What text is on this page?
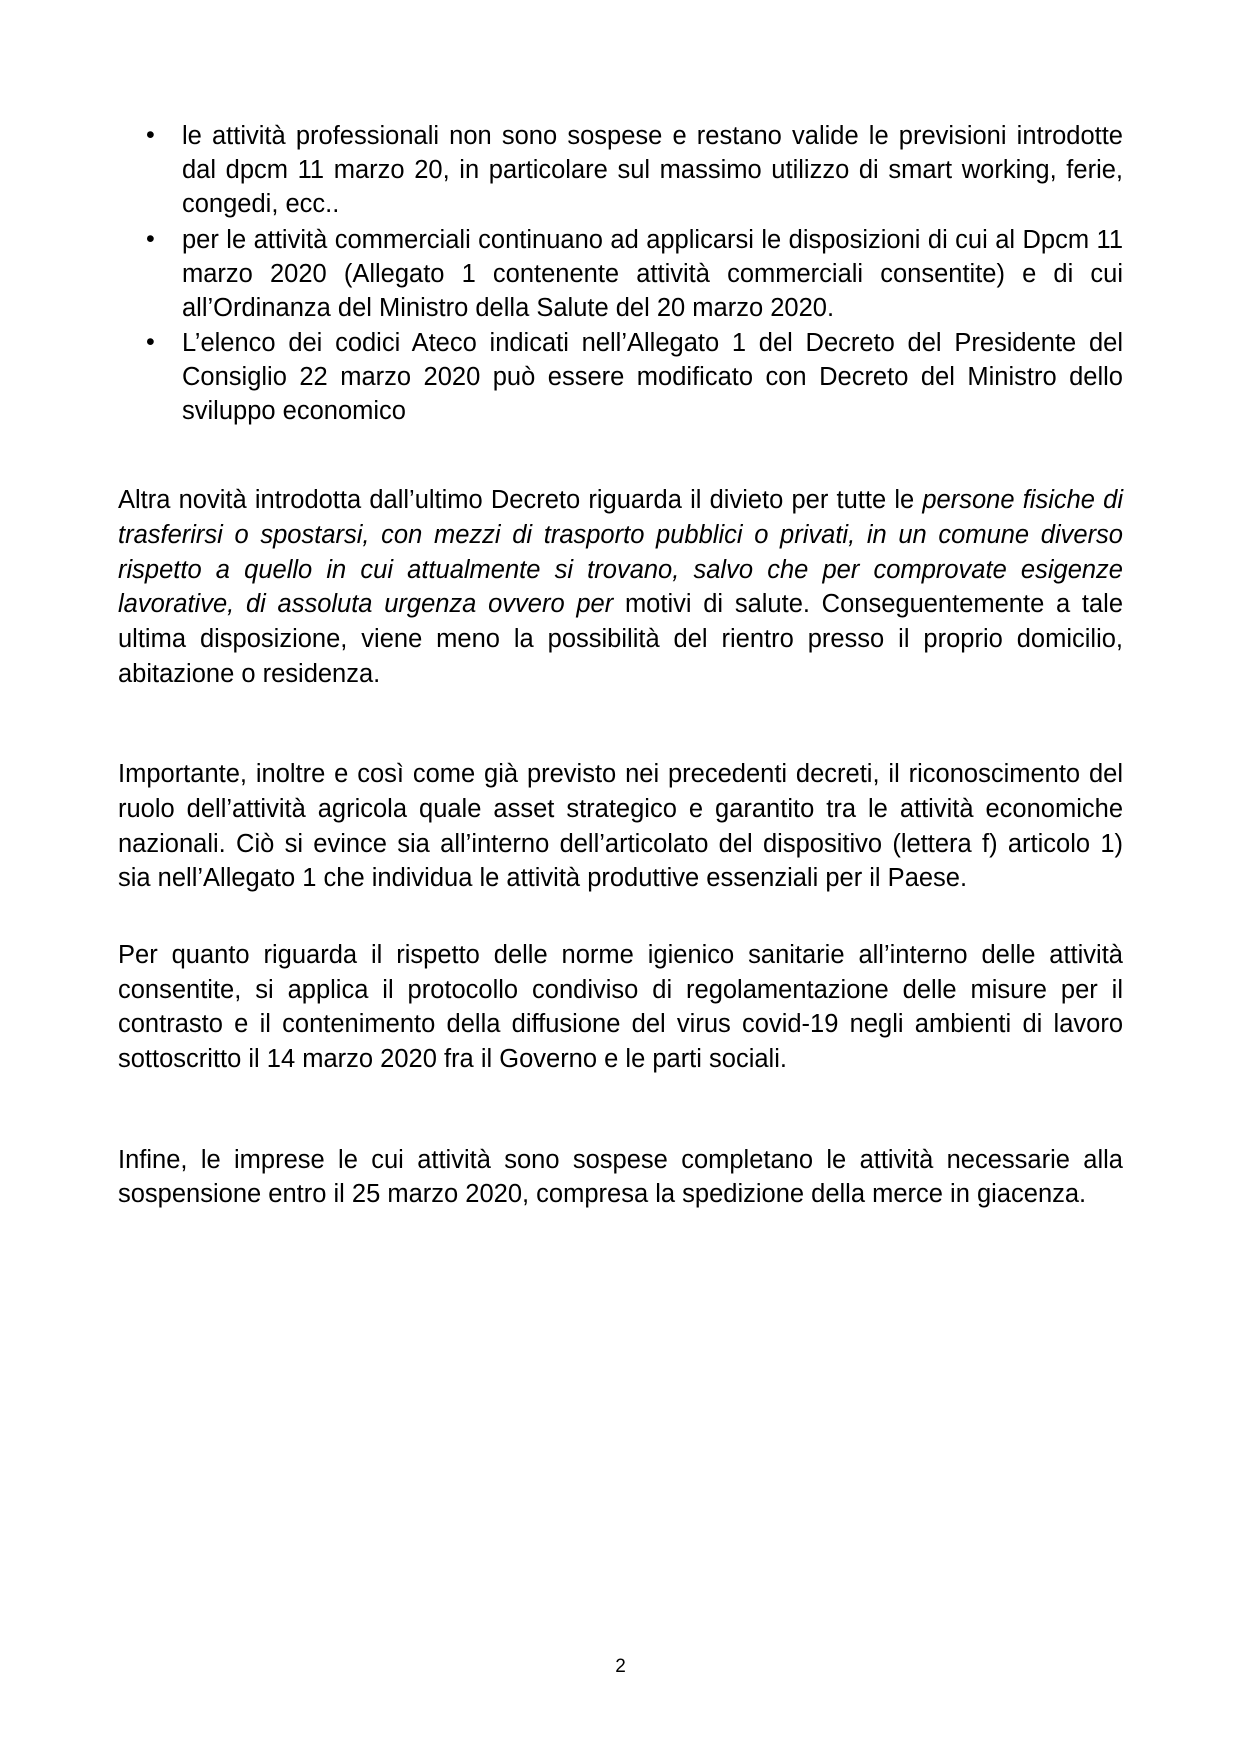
• le attività professionali non sono sospese e restano valide le previsioni introdotte dal dpcm 11 marzo 20, in particolare sul massimo utilizzo di smart working, ferie, congedi, ecc..
• per le attività commerciali continuano ad applicarsi le disposizioni di cui al Dpcm 11 marzo 2020 (Allegato 1 contenente attività commerciali consentite) e di cui all’Ordinanza del Ministro della Salute del 20 marzo 2020.
• L’elenco dei codici Ateco indicati nell’Allegato 1 del Decreto del Presidente del Consiglio 22 marzo 2020 può essere modificato con Decreto del Ministro dello sviluppo economico

Altra novità introdotta dall’ultimo Decreto riguarda il divieto per tutte le persone fisiche di trasferirsi o spostarsi, con mezzi di trasporto pubblici o privati, in un comune diverso rispetto a quello in cui attualmente si trovano, salvo che per comprovate esigenze lavorative, di assoluta urgenza ovvero per motivi di salute. Conseguentemente a tale ultima disposizione, viene meno la possibilità del rientro presso il proprio domicilio, abitazione o residenza.

Importante, inoltre e così come già previsto nei precedenti decreti, il riconoscimento del ruolo dell’attività agricola quale asset strategico e garantito tra le attività economiche nazionali. Ciò si evince sia all’interno dell’articolato del dispositivo (lettera f) articolo 1) sia nell’Allegato 1 che individua le attività produttive essenziali per il Paese.

Per quanto riguarda il rispetto delle norme igienico sanitarie all’interno delle attività consentite, si applica il protocollo condiviso di regolamentazione delle misure per il contrasto e il contenimento della diffusione del virus covid-19 negli ambienti di lavoro sottoscritto il 14 marzo 2020 fra il Governo e le parti sociali.

Infine, le imprese le cui attività sono sospese completano le attività necessarie alla sospensione entro il 25 marzo 2020, compresa la spedizione della merce in giacenza.

2
